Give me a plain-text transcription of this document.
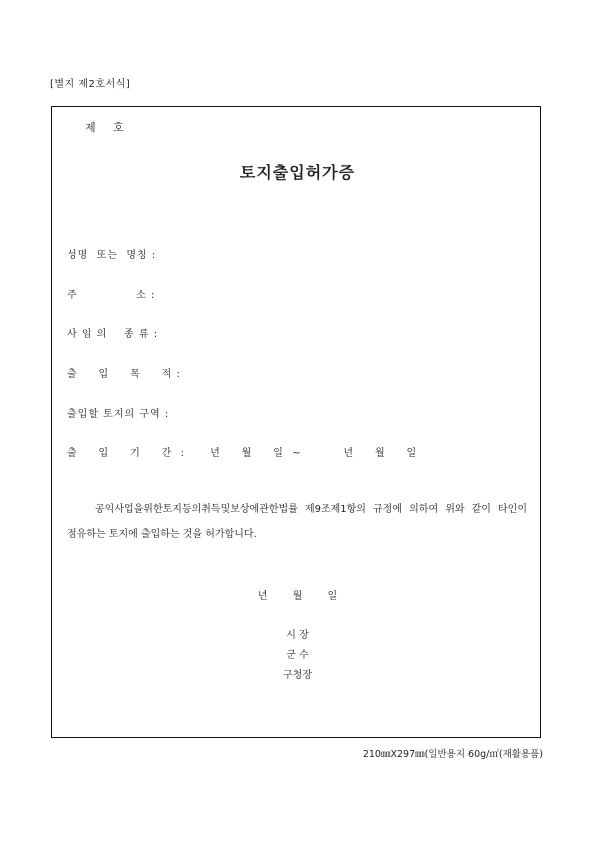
[별지 제2호서식]
제 호
토지출입허가증
성명  또는  명칭 :
주              소 :
사 임 의    종 류 :
출     입     목     적 :
출입할 토지의 구역 :
출     입     기     간  :      년     월     일  ~          년     월     일
공익사업을위한토지등의취득및보상에관한법률 제9조제1항의 규정에 의하여 위와 같이 타인이 점유하는 토지에 출입하는 것을 허가합니다.
년 월 일
시 장
군 수
구청장
210㎜X297㎜(일반용지 60g/㎡(재활용품)
